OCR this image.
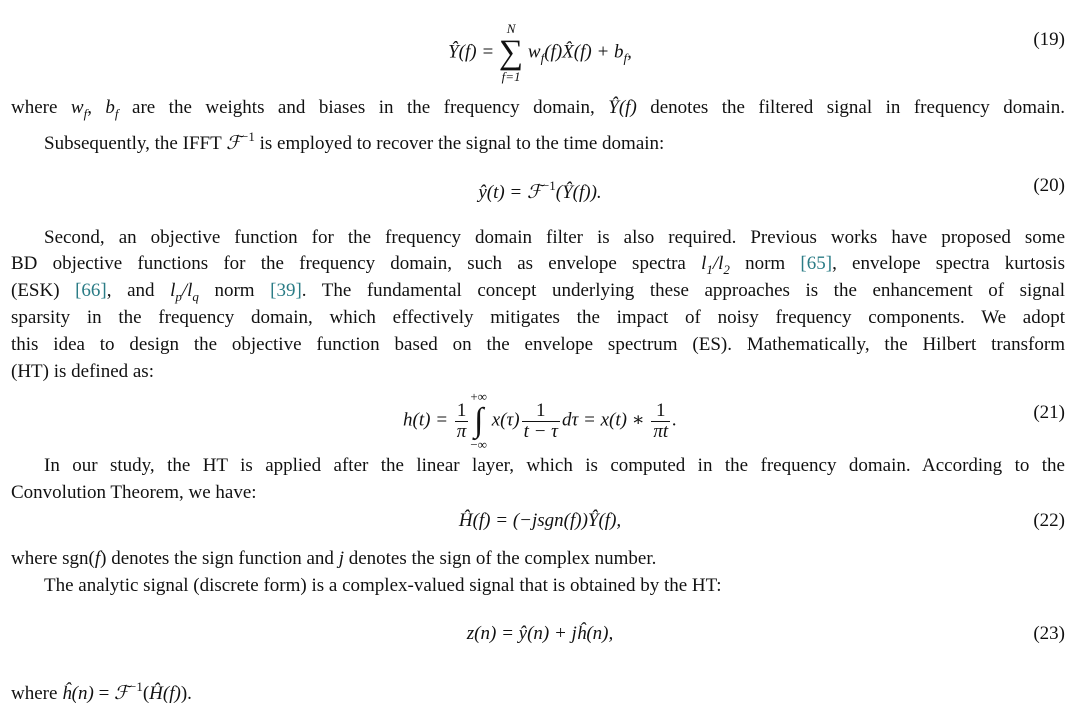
Ŷ(f) =
N
∑
f=1
$w_f(f)X̂(f) + b_f$,
(19)
ŷ(t) = ℱ$^{-1}$(Ŷ(f)).	(20)
$h(t) = \frac{1}{\pi}$
+∞
∫
−∞
$x(\tau) \frac{1}{t - \tau}$ dτ = x(t) ∗ $\frac{1}{\pi t}$ .	(21)
Ĥ(f) = (−jsgn(f))Ŷ(f),	(22)
z(n) = ŷ(n) + jĥ(n),	(23)
where $w_f$, $b_f$ are the weights and biases in the frequency domain, Ŷ(f) denotes the filtered signal in frequency domain.
Subsequently, the IFFT ℱ$^{-1}$ is employed to recover the signal to the time domain:
Second, an objective function for the frequency domain filter is also required. Previous works have proposed some
BD objective functions for the frequency domain, such as envelope spectra $l_1/l_2$ norm [65], envelope spectra kurtosis
(ESK) [66], and $l_p/l_q$ norm [39]. The fundamental concept underlying these approaches is the enhancement of signal
sparsity in the frequency domain, which effectively mitigates the impact of noisy frequency components. We adopt
this idea to design the objective function based on the envelope spectrum (ES). Mathematically, the Hilbert transform
(HT) is defined as:
In our study, the HT is applied after the linear layer, which is computed in the frequency domain. According to the
Convolution Theorem, we have:
where sgn(f) denotes the sign function and j denotes the sign of the complex number.
The analytic signal (discrete form) is a complex-valued signal that is obtained by the HT:
where ĥ(n) = ℱ$^{-1}$(Ĥ(f)).
